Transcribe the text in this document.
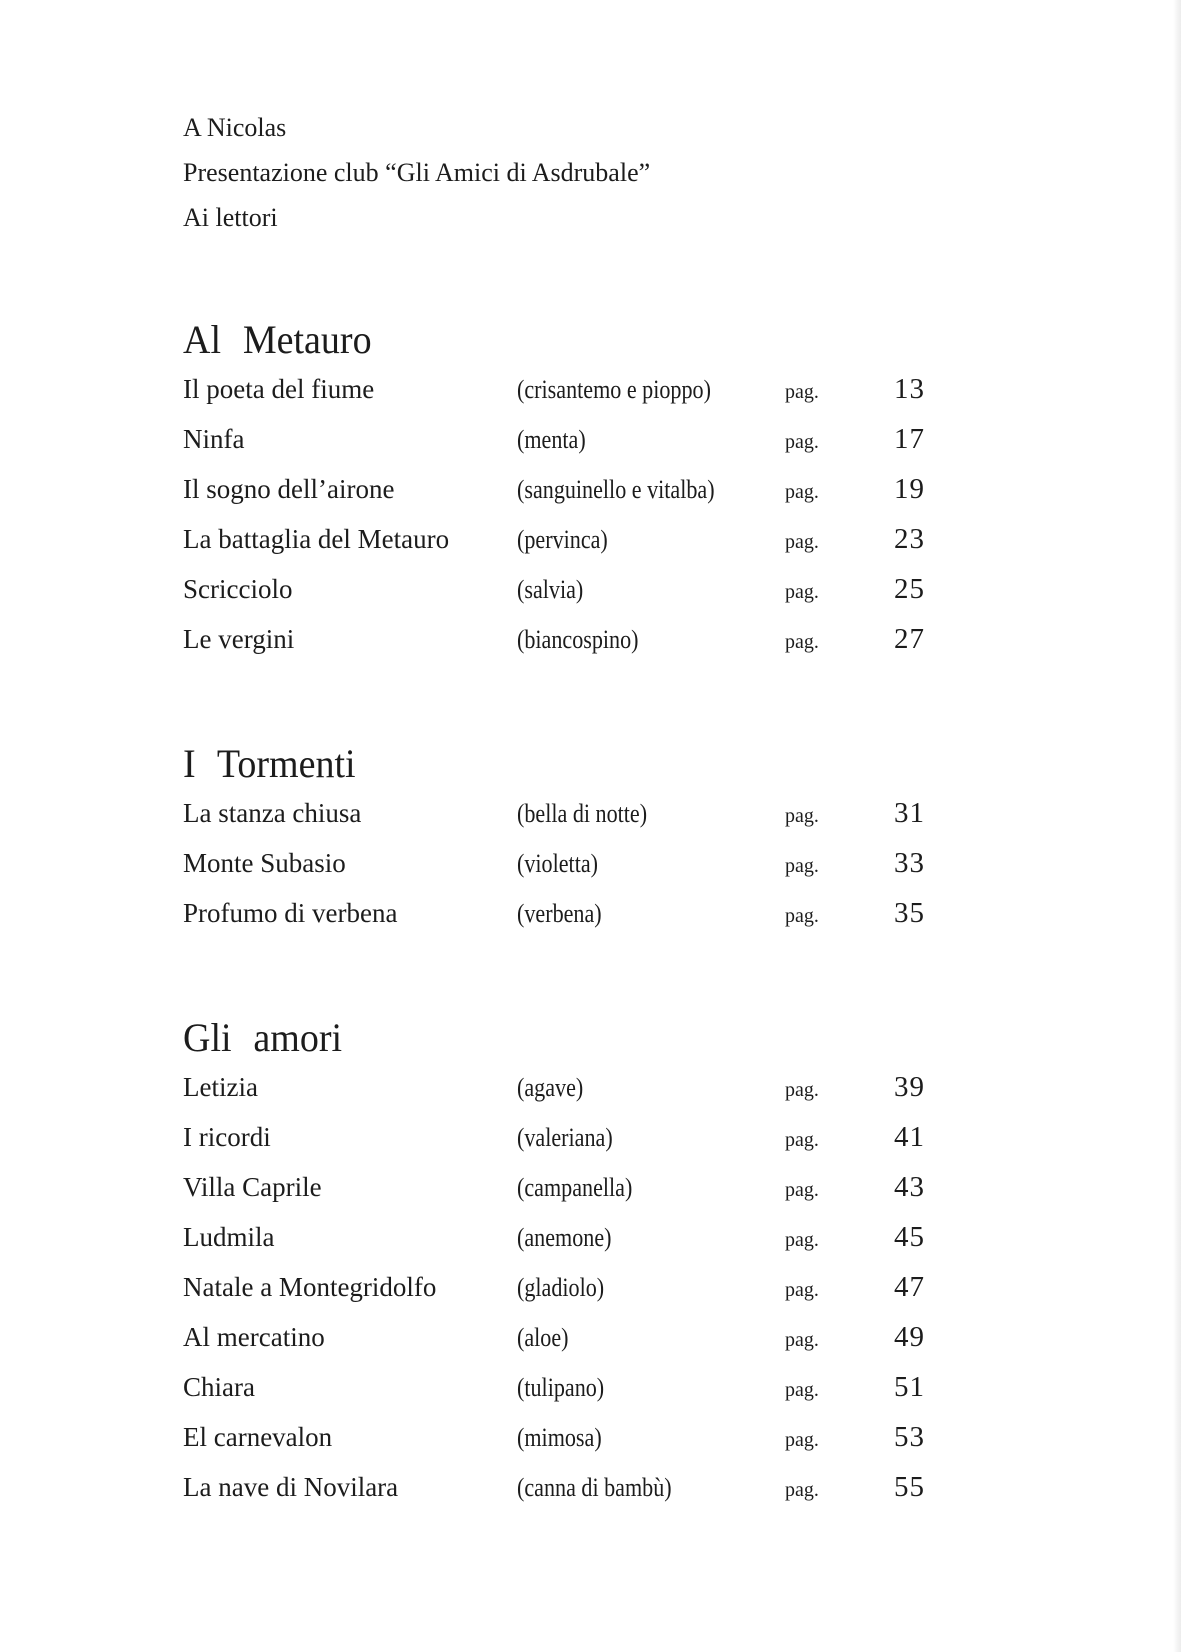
A Nicolas
Presentazione club “Gli Amici di Asdrubale”
Ai lettori
Al Metauro
Il poeta del fiume	(crisantemo e pioppo)	pag.	13
Ninfa	(menta)	pag.	17
Il sogno dell’airone	(sanguinello e vitalba)	pag.	19
La battaglia del Metauro	(pervinca)	pag.	23
Scricciolo	(salvia)	pag.	25
Le vergini	(biancospino)	pag.	27
I Tormenti
La stanza chiusa	(bella di notte)	pag.	31
Monte Subasio	(violetta)	pag.	33
Profumo di verbena	(verbena)	pag.	35
Gli amori
Letizia	(agave)	pag.	39
I ricordi	(valeriana)	pag.	41
Villa Caprile	(campanella)	pag.	43
Ludmila	(anemone)	pag.	45
Natale a Montegridolfo	(gladiolo)	pag.	47
Al mercatino	(aloe)	pag.	49
Chiara	(tulipano)	pag.	51
El carnevalon	(mimosa)	pag.	53
La nave di Novilara	(canna di bambù)	pag.	55
